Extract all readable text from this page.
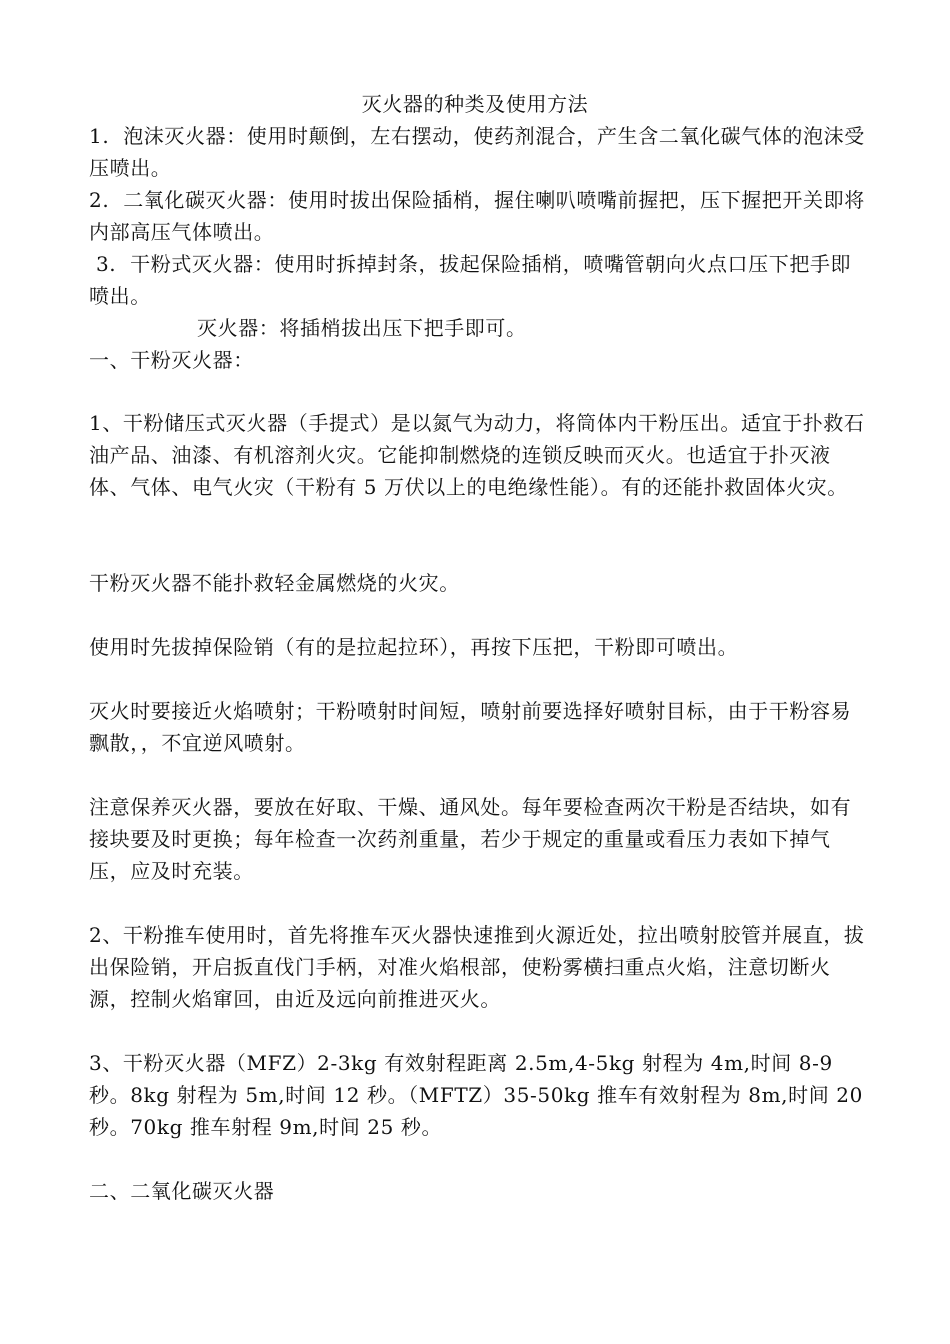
灭火器的种类及使用方法
1.  泡沫灭火器：使用时颠倒，左右摆动，使药剂混合，产生含二氧化碳气体的泡沫受压喷出。
2.  二氧化碳灭火器：使用时拔出保险插梢，握住喇叭喷嘴前握把，压下握把开关即将内部高压气体喷出。
3.  干粉式灭火器：使用时拆掉封条，拔起保险插梢，喷嘴管朝向火点口压下把手即喷出。
灭火器：将插梢拔出压下把手即可。
一、干粉灭火器：
1、干粉储压式灭火器（手提式）是以氮气为动力，将筒体内干粉压出。适宜于扑救石油产品、油漆、有机溶剂火灾。它能抑制燃烧的连锁反映而灭火。也适宜于扑灭液体、气体、电气火灾（干粉有 5 万伏以上的电绝缘性能）。有的还能扑救固体火灾。
干粉灭火器不能扑救轻金属燃烧的火灾。
使用时先拔掉保险销（有的是拉起拉环），再按下压把，干粉即可喷出。
灭火时要接近火焰喷射；干粉喷射时间短，喷射前要选择好喷射目标，由于干粉容易飘散，，不宜逆风喷射。
注意保养灭火器，要放在好取、干燥、通风处。每年要检查两次干粉是否结块，如有接块要及时更换；每年检查一次药剂重量，若少于规定的重量或看压力表如下掉气压，应及时充装。
2、干粉推车使用时，首先将推车灭火器快速推到火源近处，拉出喷射胶管并展直，拔出保险销，开启扳直伐门手柄，对准火焰根部，使粉雾横扫重点火焰，注意切断火源，控制火焰窜回，由近及远向前推进灭火。
3、干粉灭火器（MFZ）2-3kg 有效射程距离 2.5m,4-5kg 射程为 4m,时间 8-9 秒。8kg 射程为 5m,时间 12 秒。（MFTZ）35-50kg 推车有效射程为 8m,时间 20 秒。70kg 推车射程 9m,时间 25 秒。
二、二氧化碳灭火器
